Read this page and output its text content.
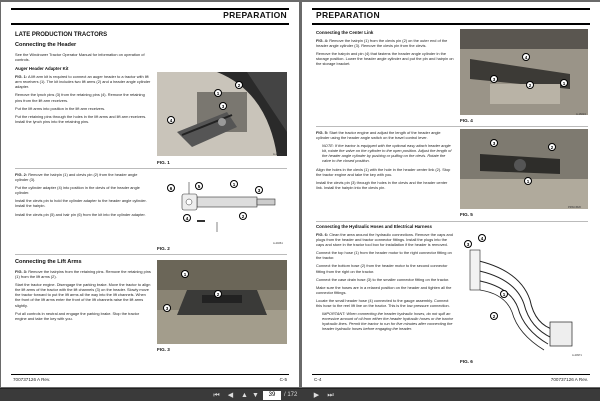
PREPARATION
LATE PRODUCTION TRACTORS
Connecting the Header

See the Windrower Tractor Operator Manual for information on operation of controls.

Auger Header Adapter Kit

FIG. 1: A lift arm kit is required to connect an auger header to a tractor with lift arm receivers (1). The kit includes two lift arms (2) and a header angle cylinder adapter.

Remove the lynch pins (3) from the retaining pins (4). Remove the retaining pins from the lift arm receivers.

Put the lift arms into position in the lift arm receivers.

Put the retaining pins through the holes in the lift arms and lift arm receivers. Install the lynch pins into the retaining pins.

1
2
3
4
A-20260
FIG. 1

FIG. 2: Remove the hairpin (1) and clevis pin (2) from the header angle cylinder (3).

Put the cylinder adapter (4) into position in the clevis of the header angle cylinder.

Install the clevis pin to hold the cylinder adapter to the header angle cylinder. Install the hairpin.

Install the clevis pin (5) and hair pin (6) from the kit into the cylinder adapter.

6	5	1
3
4	2
A-20261
FIG. 2
Connecting the Lift Arms

FIG. 3: Remove the hairpins from the retaining pins. Remove the retaining pins (1) from the lift arms (2).

Start the tractor engine. Disengage the parking brake. Move the tractor to align the lift arms of the tractor with the lift channels (3) on the header. Slowly move the tractor forward to put the lift arms all the way into the lift channels. When the front of the lift arms enter the front of the lift channels raise the lift arms slightly.

Put all controls in neutral and engage the parking brake. Stop the tractor engine and take the key with you.

1
2
3
FIG. 3
700737126 A Rev.	C-5
PREPARATION
Connecting the Center Link

FIG. 4: Remove the hairpin (1) from the clevis pin (2) on the outer end of the header angle cylinder (3). Remove the clevis pin from the clevis.

Remove the hairpin and pin (4) that fastens the header angle cylinder in the storage position. Lower the header angle cylinder and put the pin and hairpin on the storage bracket.

4
3
2	1
A-16024
FIG. 4

FIG. 5: Start the tractor engine and adjust the length of the header angle cylinder using the header angle switch on the travel control lever.

NOTE: If the tractor is equipped with the optional easy attach header angle kit, rotate the valve on the cylinder to the open position. Adjust the length of the header angle cylinder by pushing or pulling on the clevis. Rotate the valve to the closed position.

Align the holes in the clevis (1) with the hole in the header center link (2). Stop the tractor engine and take the key with you.

Install the clevis pin (3) through the holes in the clevis and the header center link. Install the hairpin into the clevis pin.

3
2
1
PRSC4520
FIG. 5
Connecting the Hydraulic Hoses and Electrical Harness

FIG. 6: Clean the area around the hydraulic connections. Remove the caps and plugs from the header and tractor connector fittings. Install the plugs into the caps and store in the tractor tool box for installation if the header is removed.

Connect the top hose (1) from the header motor to the right connector fitting on the tractor.

Connect the bottom hose (2) from the header motor to the second connector fitting from the right on the tractor.

Connect the case drain hose (3) to the smaller connector fitting on the tractor.

Make sure the hoses are in a relaxed position on the header and tighten all the connector fittings.

Locate the small header hose (4) connected to the gauge assembly. Connect this hose to the reel lift line on the tractor. This is the low pressure connection.

IMPORTANT: When connecting the header hydraulic hoses, do not spill an excessive amount of oil from either the header hydraulic hoses or the tractor hydraulic lines. Permit the tractor to run for five minutes after connecting the header hydraulic hoses before engaging the header.

3
4
1
2
A-20971
FIG. 6
C-4	700737126 A Rev.
⏮ ◀ ▲ ▼	39	/ 172 ▶ ⏭
